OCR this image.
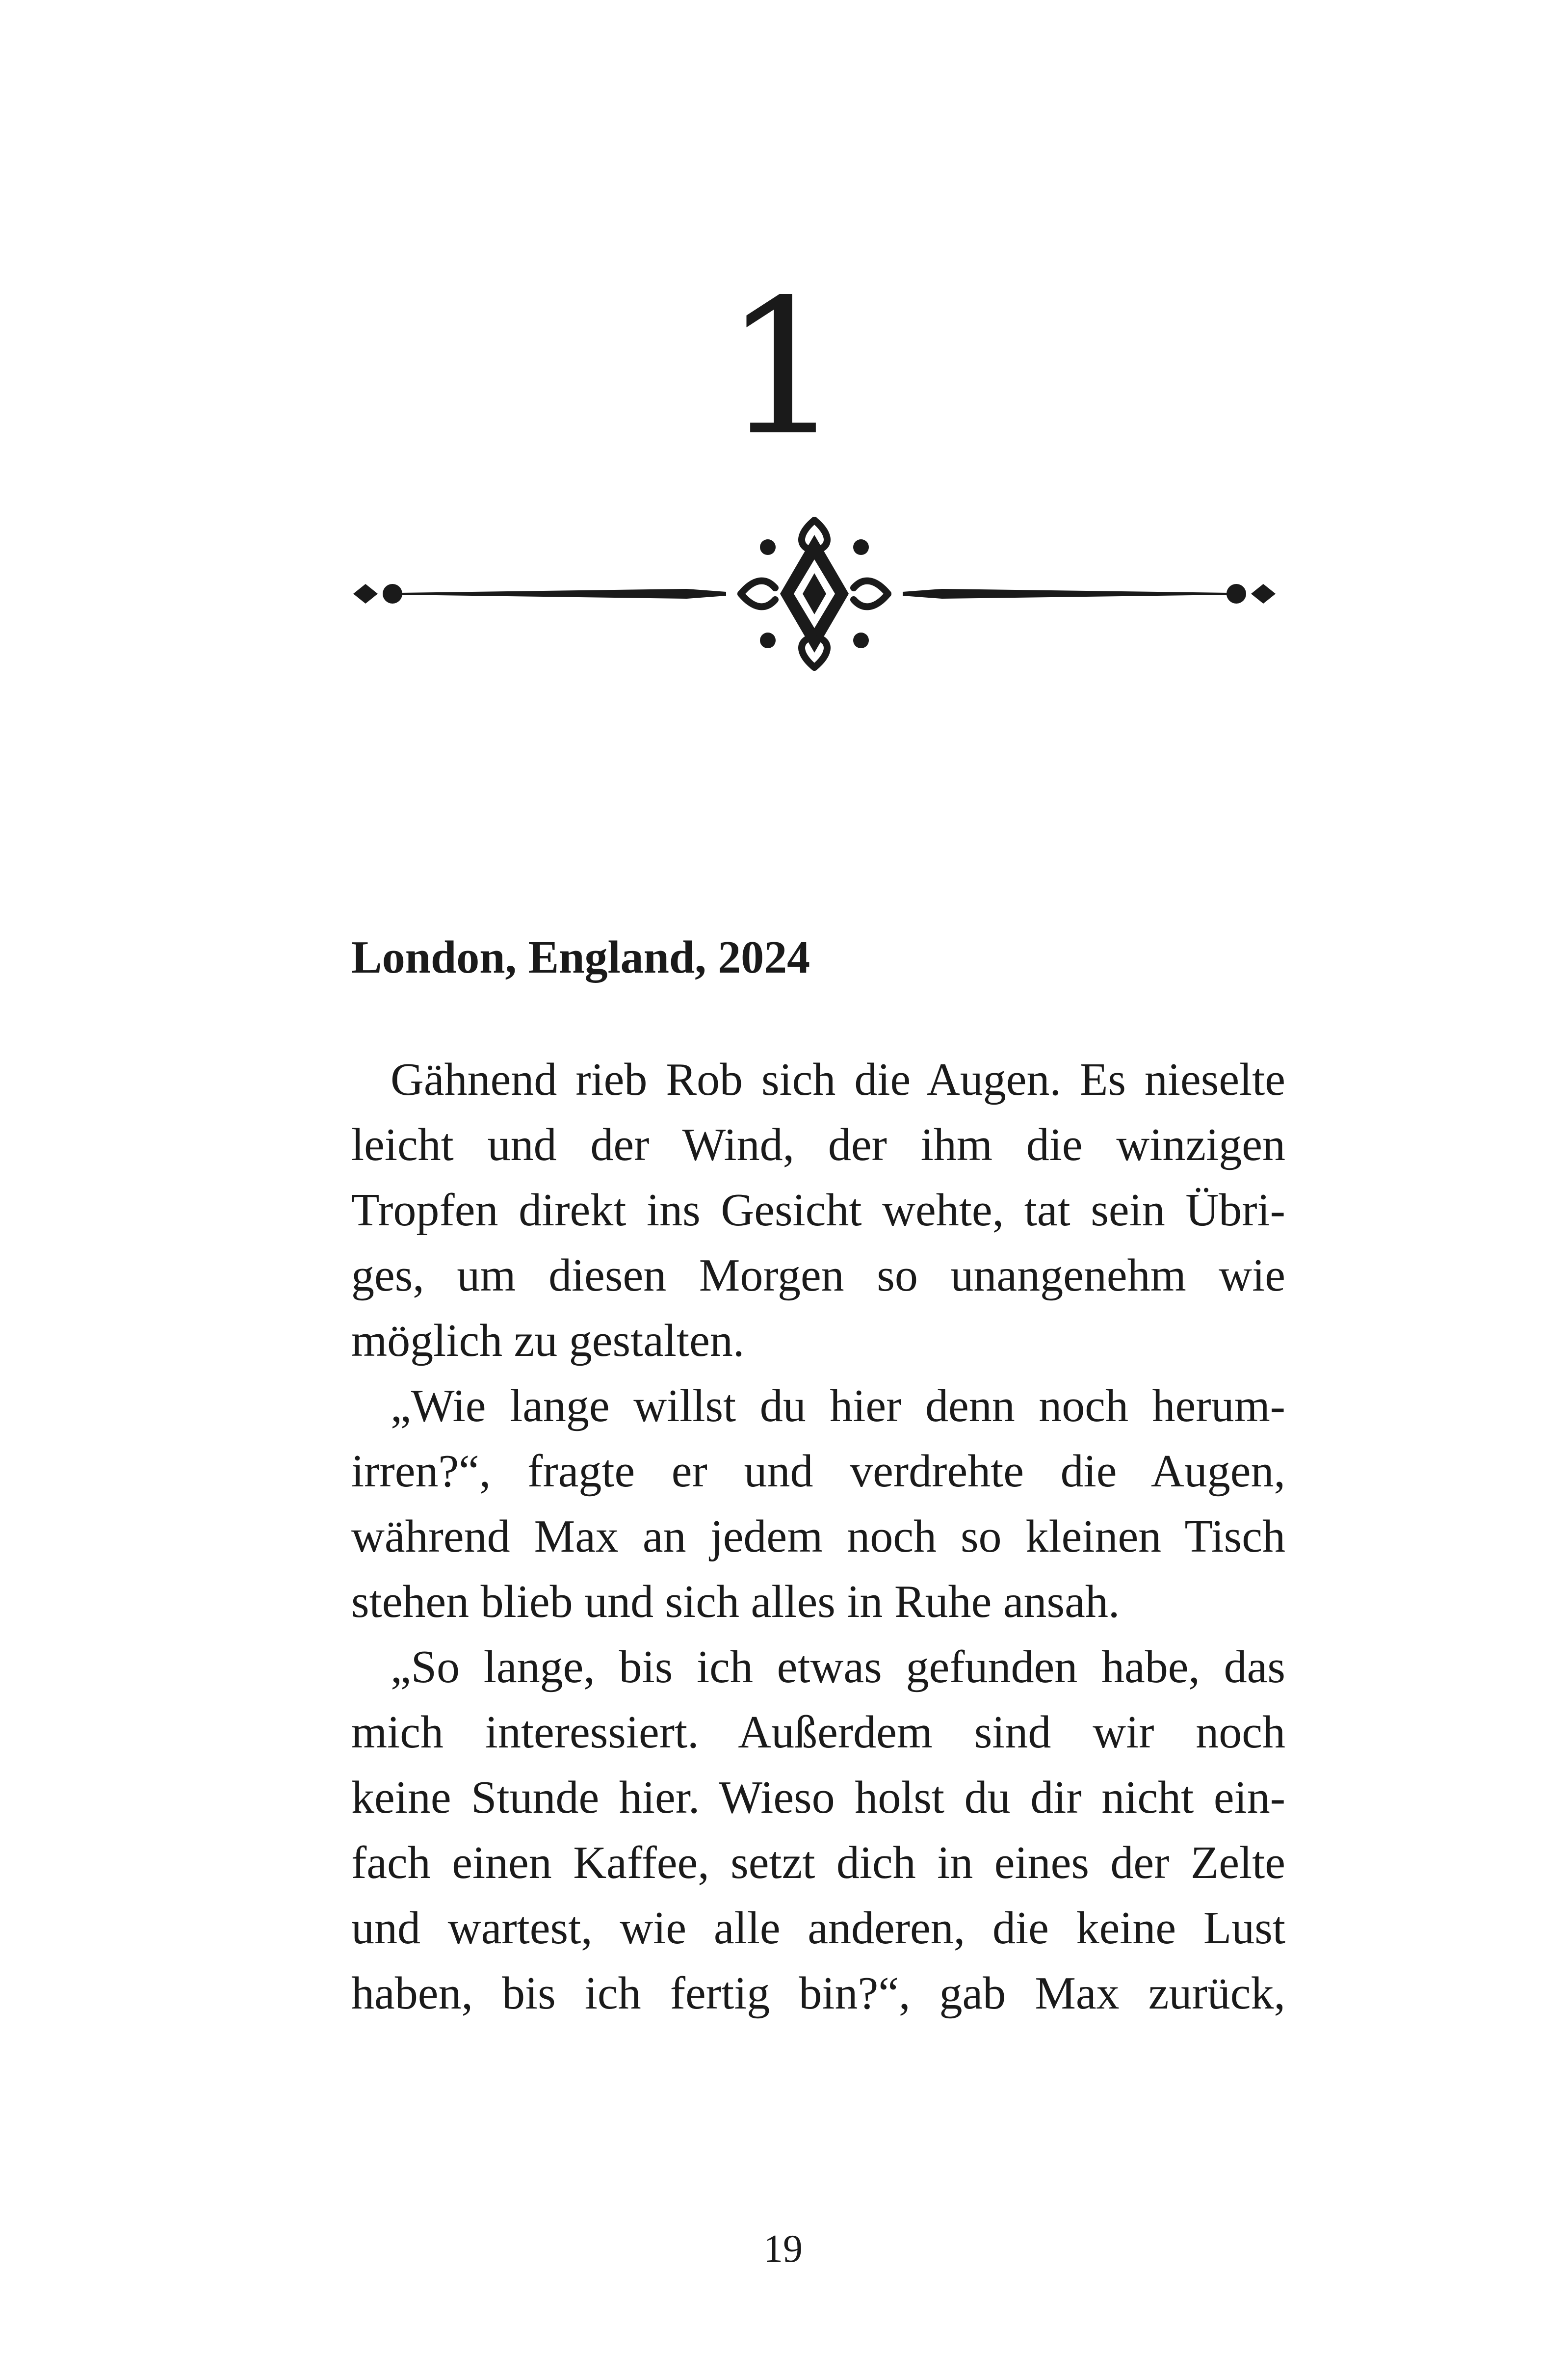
1
London, England, 2024
Gähnend rieb Rob sich die Augen. Es nieselte
leicht und der Wind, der ihm die winzigen
Tropfen direkt ins Gesicht wehte, tat sein Übri-
ges, um diesen Morgen so unangenehm wie
möglich zu gestalten.
„Wie lange willst du hier denn noch herum-
irren?“, fragte er und verdrehte die Augen,
während Max an jedem noch so kleinen Tisch
stehen blieb und sich alles in Ruhe ansah.
„So lange, bis ich etwas gefunden habe, das
mich interessiert. Außerdem sind wir noch
keine Stunde hier. Wieso holst du dir nicht ein-
fach einen Kaffee, setzt dich in eines der Zelte
und wartest, wie alle anderen, die keine Lust
haben, bis ich fertig bin?“, gab Max zurück,
19
